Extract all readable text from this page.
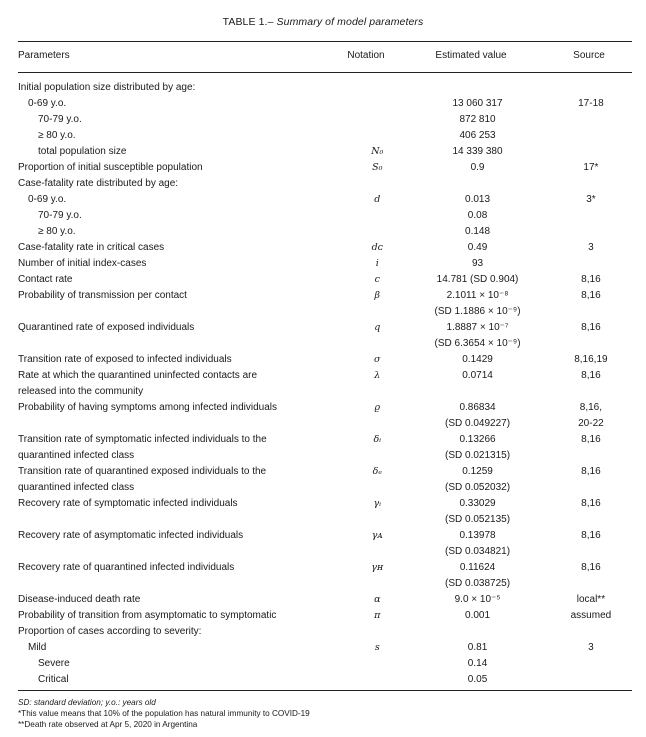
TABLE 1.– Summary of model parameters
Parameters	Notation	Estimated value	Source
Initial population size distributed by age:			
0-69 y.o.		13 060 317	17-18
70-79 y.o.		872 810	
≥ 80 y.o.		406 253	
total population size	N₀	14 339 380	
Proportion of initial susceptible population	S₀	0.9	17*
Case-fatality rate distributed by age:			
0-69 y.o.	d	0.013	3*
70-79 y.o.		0.08	
≥ 80 y.o.		0.148	
Case-fatality rate in critical cases	dᴄ	0.49	3
Number of initial index-cases	i	93	
Contact rate	c	14.781 (SD 0.904)	8,16
Probability of transmission per contact	β	2.1011 × 10⁻⁸	8,16
		(SD 1.1886 × 10⁻⁹)	
Quarantined rate of exposed individuals	q	1.8887 × 10⁻⁷	8,16
		(SD 6.3654 × 10⁻⁹)	
Transition rate of exposed to infected individuals	σ	0.1429	8,16,19
Rate at which the quarantined uninfected contacts are	λ	0.0714	8,16
released into the community			
Probability of having symptoms among infected individuals	ϱ	0.86834	8,16,
		(SD 0.049227)	20-22
Transition rate of symptomatic infected individuals to the	δᵢ	0.13266	8,16
quarantined infected class		(SD 0.021315)	
Transition rate of quarantined exposed individuals to the	δₑ	0.1259	8,16
quarantined infected class		(SD 0.052032)	
Recovery rate of symptomatic infected individuals	γᵢ	0.33029	8,16
		(SD 0.052135)	
Recovery rate of asymptomatic infected individuals	γᴀ	0.13978	8,16
		(SD 0.034821)	
Recovery rate of quarantined infected individuals	γʜ	0.11624	8,16
		(SD 0.038725)	
Disease-induced death rate	α	9.0 × 10⁻⁵	local**
Probability of transition from asymptomatic to symptomatic	π	0.001	assumed
Proportion of cases according to severity:			
Mild	s	0.81	3
Severe		0.14	
Critical		0.05	
SD: standard deviation; y.o.: years old
*This value means that 10% of the population has natural immunity to COVID-19
**Death rate observed at Apr 5, 2020 in Argentina
